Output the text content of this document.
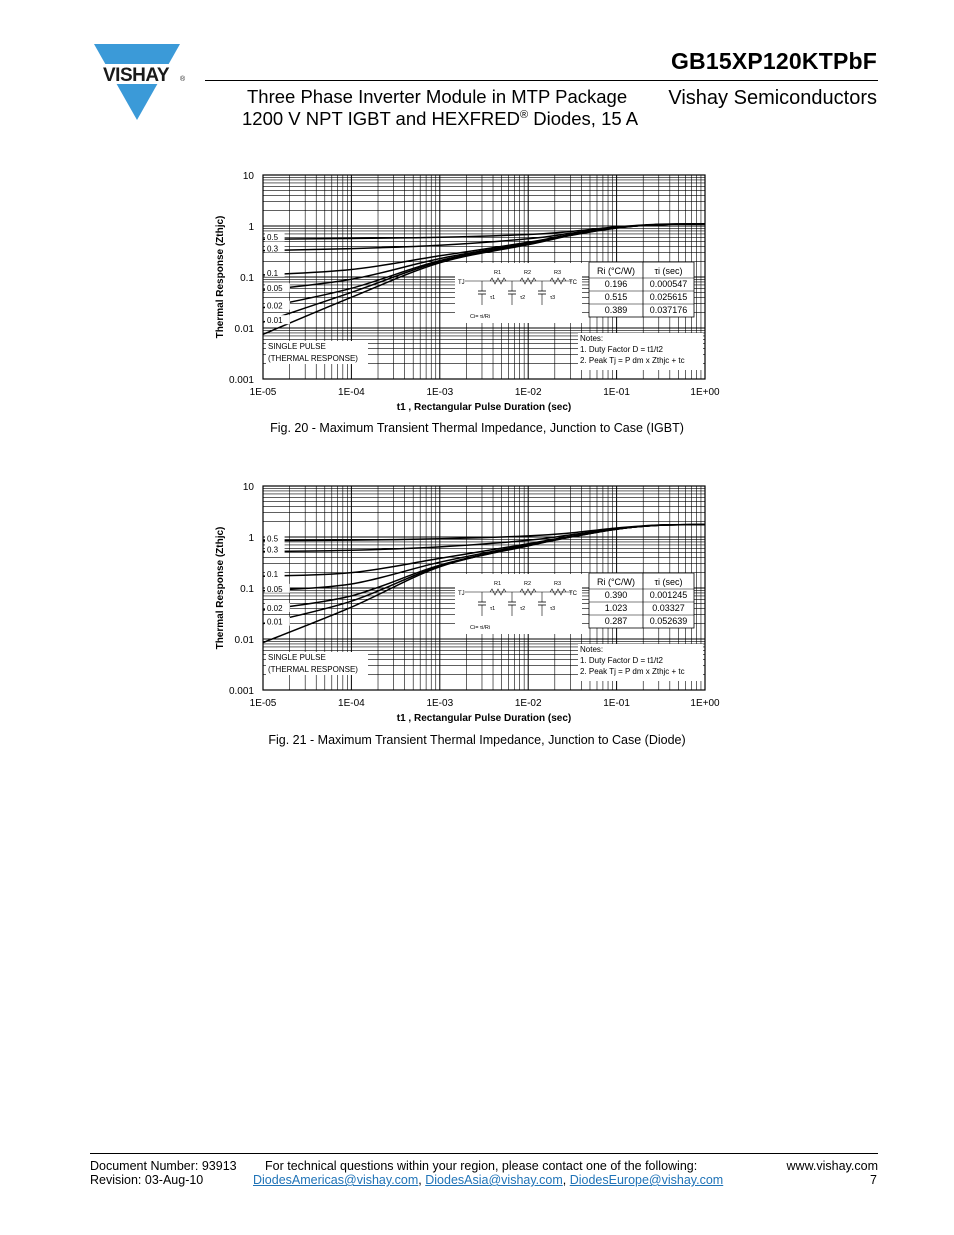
VISHAY ®
GB15XP120KTPbF
Three Phase Inverter Module in MTP Package
1200 V NPT IGBT and HEXFRED® Diodes, 15 A
Vishay Semiconductors
1E-05	1E-04	1E-03	1E-02	1E-01	1E+00
0.001
0.01
0.1
1
10
t1 , Rectangular Pulse Duration (sec)
Thermal Response (Zthjc)	0.5
0.3
0.1
0.05
0.02
0.01
SINGLE PULSE
(THERMAL RESPONSE)
TJ	TC
R1
τ1
R2
τ2
R3
τ3
Ci= τi/Ri
Ri (°C/W) τi (sec)
0.196 0.000547
0.515 0.025615
0.389 0.037176
Notes:
1. Duty Factor D = t1/t2
2. Peak Tj = P dm x Zthjc + tc
Fig. 20 - Maximum Transient Thermal Impedance, Junction to Case (IGBT)
1E-05	1E-04	1E-03	1E-02	1E-01	1E+00
0.001
0.01
0.1
1
10
t1 , Rectangular Pulse Duration (sec)
Thermal Response (Zthjc)	0.5
0.3
0.1
0.05
0.02
0.01
SINGLE PULSE
(THERMAL RESPONSE)
TJ	TC
R1
τ1
R2
τ2
R3
τ3
Ci= τi/Ri
Ri (°C/W) τi (sec)
0.390 0.001245
1.023	0.03327
0.287 0.052639
Notes:
1. Duty Factor D = t1/t2
2. Peak Tj = P dm x Zthjc + tc
Fig. 21 - Maximum Transient Thermal Impedance, Junction to Case (Diode)
Document Number: 93913
Revision: 03-Aug-10
For technical questions within your region, please contact one of the following:
DiodesAmericas@vishay.com, DiodesAsia@vishay.com, DiodesEurope@vishay.com
www.vishay.com
7
